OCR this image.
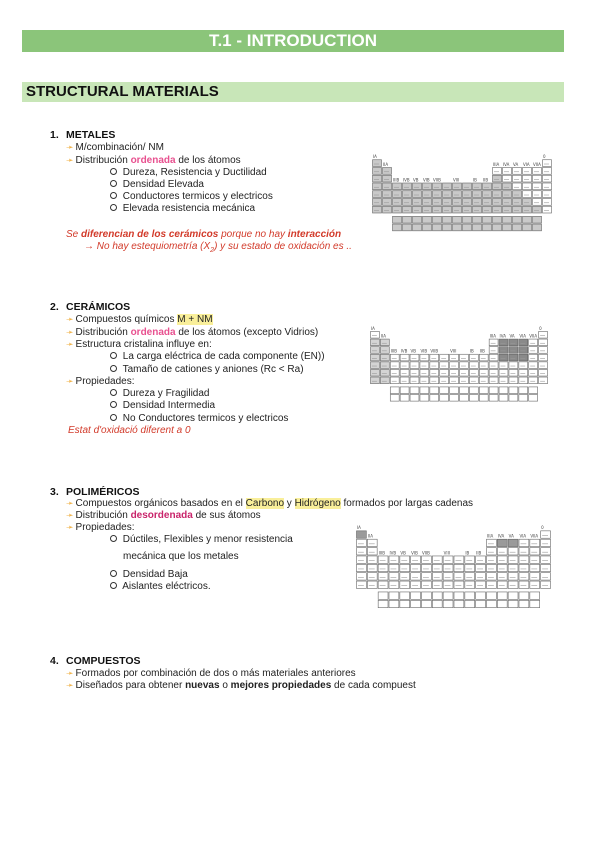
T.1 - INTRODUCTION
STRUCTURAL MATERIALS
1. METALES
➛ M/combinación/ NM
➛ Distribución ordenada de los átomos
Dureza, Resistencia y Ductilidad
Densidad Elevada
Conductores termicos y electricos
Elevada resistencia mecánica
Se diferencian de los cerámicos porque no hay interacción
→ No hay estequiometría $(X_2)$ y su estado de oxidación es ..
2. CERÁMICOS
➛ Compuestos químicos M + NM
➛ Distribución ordenada de los átomos (excepto Vidrios)
➛ Estructura cristalina influye en:
La carga eléctrica de cada componente (EN))
Tamaño de cationes y aniones (Rc < Ra)
➛ Propiedades:
Dureza y Fragilidad
Densidad Intermedia
No Conductores termicos y electricos
Estat d'oxidació diferent a 0
3. POLIMÉRICOS
➛ Compuestos orgánicos basados en el Carbono y Hidrógeno formados por largas cadenas
➛ Distribución desordenada de sus átomos
➛ Propiedades:
Dúctiles, Flexibles y menor resistencia
mecánica que los metales
Densidad Baja
Aislantes eléctricos.
4. COMPUESTOS
➛ Formados por combinación de dos o más materiales anteriores
➛ Diseñados para obtener nuevas o mejores propiedades de cada compuest
IA
IIA
IIIB IVB VB VIB VIIB	VIII	IB IIB
IIIA IVA VA VIA VIIA
0
IA
IIA
IIIB IVB VB VIB VIIB	VIII	IB IIB
IIIA IVA VA VIA VIIA
0
IA
IIA
IIIB IVB VB VIB VIIB	VIII	IB IIB
IIIA IVA VA VIA VIIA
0
